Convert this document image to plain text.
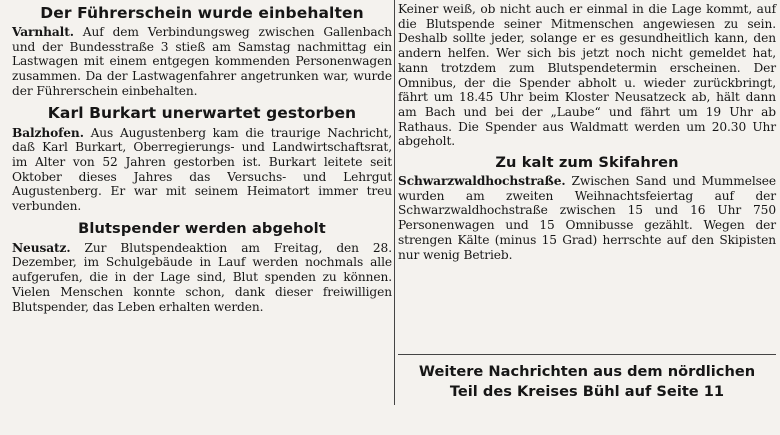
Der Führerschein wurde einbehalten

Varnhalt. Auf dem Verbindungsweg zwischen Gallenbach und der Bundesstraße 3 stieß am Samstag nachmittag ein Lastwagen mit einem entgegen kommenden Personenwagen zusammen. Da der Lastwagenfahrer angetrunken war, wurde der Führerschein einbehalten.

Karl Burkart unerwartet gestorben

Balzhofen. Aus Augustenberg kam die traurige Nachricht, daß Karl Burkart, Oberregierungs- und Landwirtschaftsrat, im Alter von 52 Jahren gestorben ist. Burkart leitete seit Oktober dieses Jahres das Versuchs- und Lehrgut Augustenberg. Er war mit seinem Heimatort immer treu verbunden.

Blutspender werden abgeholt

Neusatz. Zur Blutspendeaktion am Freitag, den 28. Dezember, im Schulgebäude in Lauf werden nochmals alle aufgerufen, die in der Lage sind, Blut spenden zu können. Vielen Menschen konnte schon, dank dieser freiwilligen Blutspender, das Leben erhalten werden.

Keiner weiß, ob nicht auch er einmal in die Lage kommt, auf die Blutspende seiner Mitmenschen angewiesen zu sein. Deshalb sollte jeder, solange er es gesundheitlich kann, den andern helfen. Wer sich bis jetzt noch nicht gemeldet hat, kann trotzdem zum Blutspendetermin erscheinen. Der Omnibus, der die Spender abholt u. wieder zurückbringt, fährt um 18.45 Uhr beim Kloster Neusatzeck ab, hält dann am Bach und bei der „Laube“ und fährt um 19 Uhr ab Rathaus. Die Spender aus Waldmatt werden um 20.30 Uhr abgeholt.

Zu kalt zum Skifahren

Schwarzwaldhochstraße. Zwischen Sand und Mummelsee wurden am zweiten Weihnachtsfeiertag auf der Schwarzwaldhochstraße zwischen 15 und 16 Uhr 750 Personenwagen und 15 Omnibusse gezählt. Wegen der strengen Kälte (minus 15 Grad) herrschte auf den Skipisten nur wenig Betrieb.

Weitere Nachrichten aus dem nördlichen
Teil des Kreises Bühl auf Seite 11
